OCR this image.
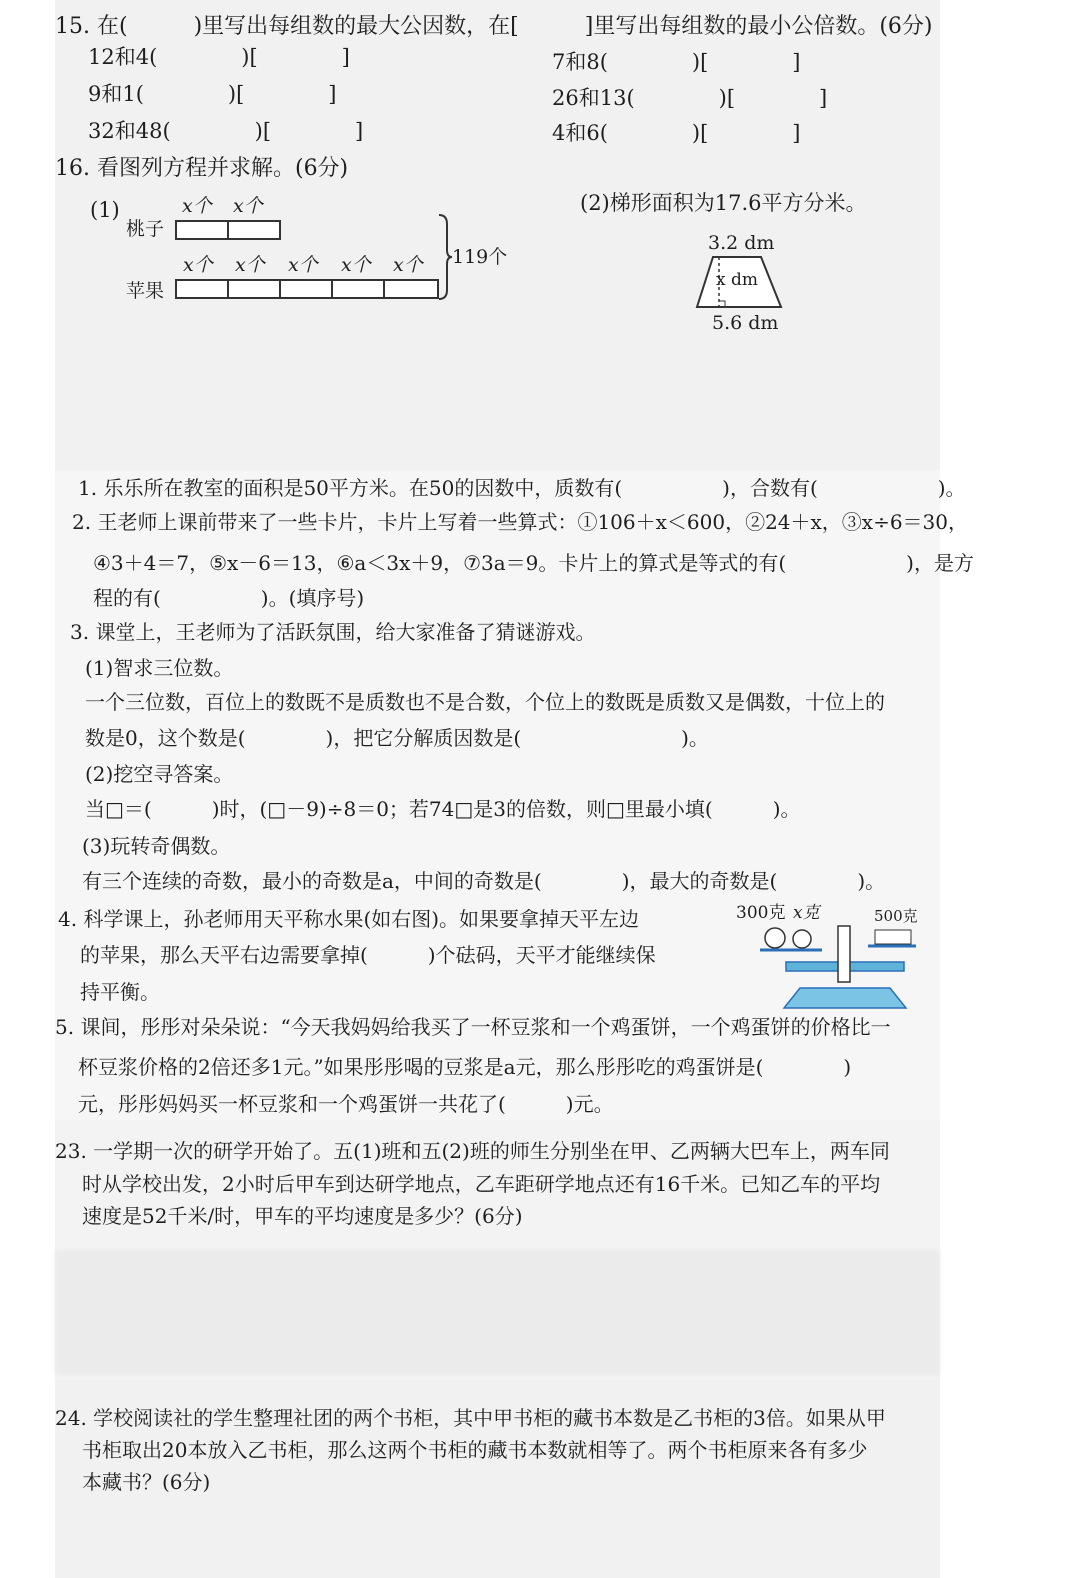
15. 在(　　　)里写出每组数的最大公因数，在[　　　]里写出每组数的最小公倍数。(6分)
12和4(　　　　)[　　　　]
9和1(　　　　)[　　　　]
32和48(　　　　)[　　　　]
7和8(　　　　)[　　　　]
26和13(　　　　)[　　　　]
4和6(　　　　)[　　　　]
16. 看图列方程并求解。(6分)
(1)
桃子
苹果
x个 x个
x个 x个 x个 x个 x个 119个
(2)梯形面积为17.6平方分米。
3.2 dm
x dm
5.6 dm
1. 乐乐所在教室的面积是50平方米。在50的因数中，质数有(　　　　　)，合数有(　　　　　　)。
2. 王老师上课前带来了一些卡片，卡片上写着一些算式：①106＋x＜600，②24＋x，③x÷6＝30，
④3＋4＝7，⑤x－6＝13，⑥a＜3x＋9，⑦3a＝9。卡片上的算式是等式的有(　　　　　　)，是方
程的有(　　　　　)。(填序号)
3. 课堂上，王老师为了活跃氛围，给大家准备了猜谜游戏。
(1)智求三位数。
一个三位数，百位上的数既不是质数也不是合数，个位上的数既是质数又是偶数，十位上的
数是0，这个数是(　　　　)，把它分解质因数是(　　　　　　　　)。
(2)挖空寻答案。
当□＝(　　　)时，(□－9)÷8＝0；若74□是3的倍数，则□里最小填(　　　)。
(3)玩转奇偶数。
有三个连续的奇数，最小的奇数是a，中间的奇数是(　　　　)，最大的奇数是(　　　　)。
4. 科学课上，孙老师用天平称水果(如右图)。如果要拿掉天平左边
的苹果，那么天平右边需要拿掉(　　　)个砝码，天平才能继续保
持平衡。
300克 x克	500克
5. 课间，彤彤对朵朵说：“今天我妈妈给我买了一杯豆浆和一个鸡蛋饼，一个鸡蛋饼的价格比一
杯豆浆价格的2倍还多1元。”如果彤彤喝的豆浆是a元，那么彤彤吃的鸡蛋饼是(　　　　)
元，彤彤妈妈买一杯豆浆和一个鸡蛋饼一共花了(　　　)元。
23. 一学期一次的研学开始了。五(1)班和五(2)班的师生分别坐在甲、乙两辆大巴车上，两车同
时从学校出发，2小时后甲车到达研学地点，乙车距研学地点还有16千米。已知乙车的平均
速度是52千米/时，甲车的平均速度是多少？(6分)
24. 学校阅读社的学生整理社团的两个书柜，其中甲书柜的藏书本数是乙书柜的3倍。如果从甲
书柜取出20本放入乙书柜，那么这两个书柜的藏书本数就相等了。两个书柜原来各有多少
本藏书？(6分)
